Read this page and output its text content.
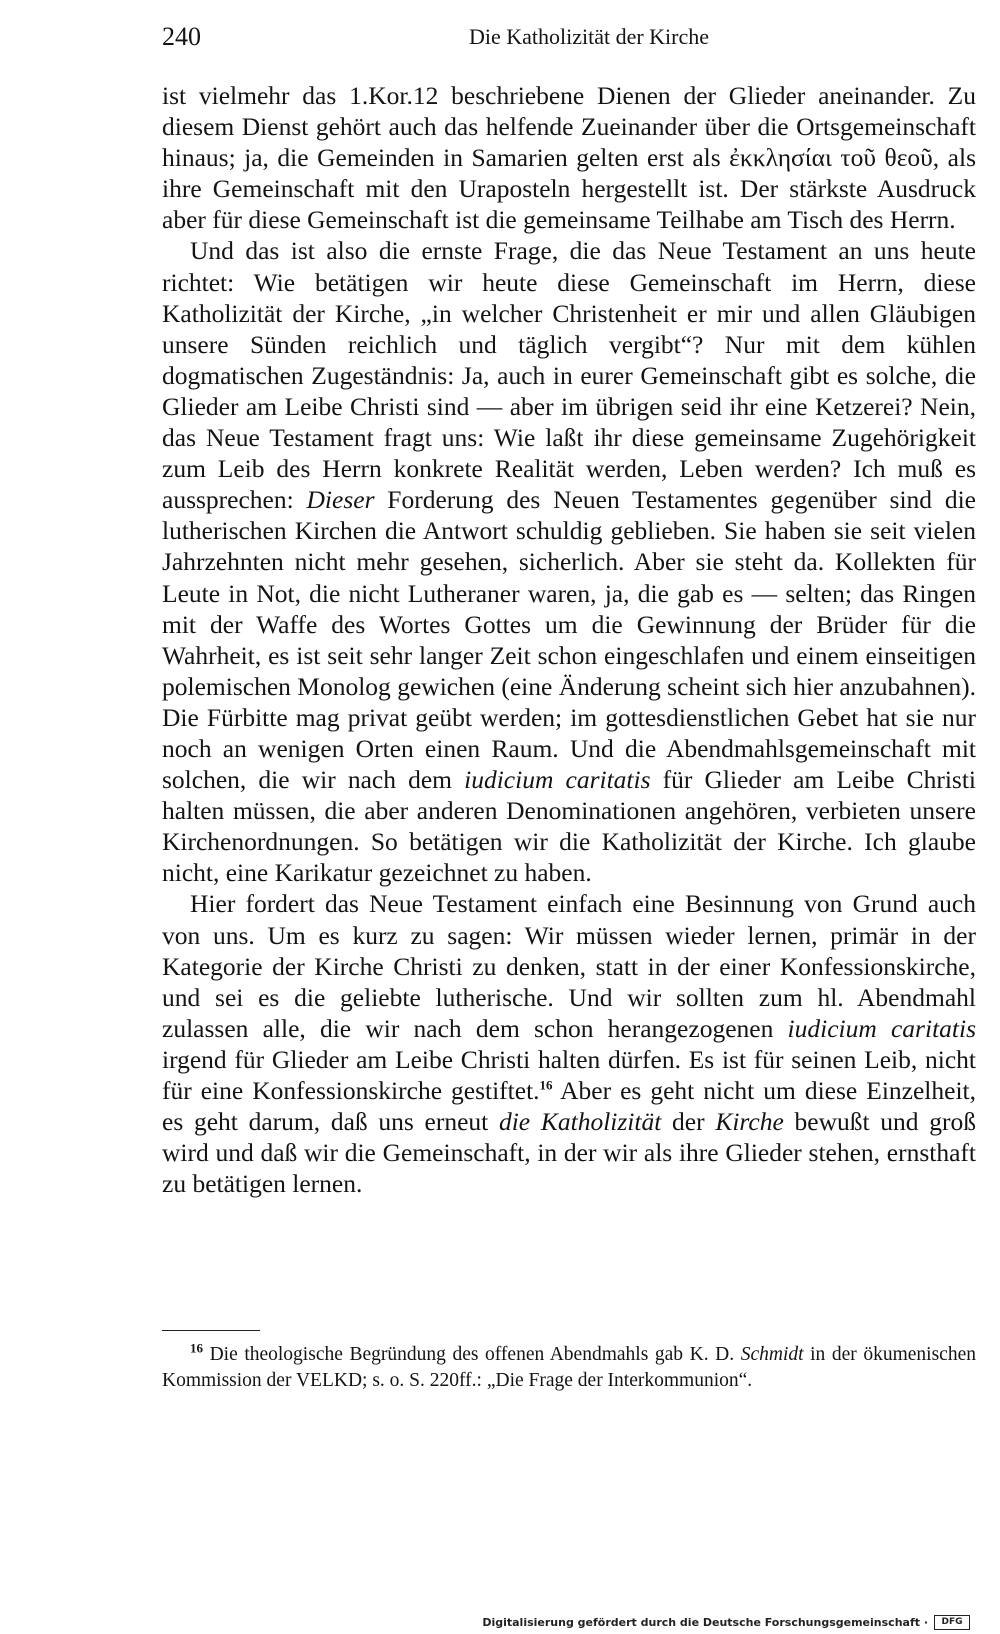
240	Die Katholizität der Kirche

ist vielmehr das 1.Kor.12 beschriebene Dienen der Glieder aneinander. Zu diesem Dienst gehört auch das helfende Zueinander über die Ortsgemeinschaft hinaus; ja, die Gemeinden in Samarien gelten erst als ἐκκλησίαι τοῦ θεοῦ, als ihre Gemeinschaft mit den Uraposteln hergestellt ist. Der stärkste Ausdruck aber für diese Gemeinschaft ist die gemeinsame Teilhabe am Tisch des Herrn.

Und das ist also die ernste Frage, die das Neue Testament an uns heute richtet: Wie betätigen wir heute diese Gemeinschaft im Herrn, diese Katholizität der Kirche, „in welcher Christenheit er mir und allen Gläubigen unsere Sünden reichlich und täglich vergibt“? Nur mit dem kühlen dogmatischen Zugeständnis: Ja, auch in eurer Gemeinschaft gibt es solche, die Glieder am Leibe Christi sind — aber im übrigen seid ihr eine Ketzerei? Nein, das Neue Testament fragt uns: Wie laßt ihr diese gemeinsame Zugehörigkeit zum Leib des Herrn konkrete Realität werden, Leben werden? Ich muß es aussprechen: Dieser Forderung des Neuen Testamentes gegenüber sind die lutherischen Kirchen die Antwort schuldig geblieben. Sie haben sie seit vielen Jahrzehnten nicht mehr gesehen, sicherlich. Aber sie steht da. Kollekten für Leute in Not, die nicht Lutheraner waren, ja, die gab es — selten; das Ringen mit der Waffe des Wortes Gottes um die Gewinnung der Brüder für die Wahrheit, es ist seit sehr langer Zeit schon eingeschlafen und einem einseitigen polemischen Monolog gewichen (eine Änderung scheint sich hier anzubahnen). Die Fürbitte mag privat geübt werden; im gottesdienstlichen Gebet hat sie nur noch an wenigen Orten einen Raum. Und die Abendmahlsgemeinschaft mit solchen, die wir nach dem iudicium caritatis für Glieder am Leibe Christi halten müssen, die aber anderen Denominationen angehören, verbieten unsere Kirchenordnungen. So betätigen wir die Katholizität der Kirche. Ich glaube nicht, eine Karikatur gezeichnet zu haben.

Hier fordert das Neue Testament einfach eine Besinnung von Grund auch von uns. Um es kurz zu sagen: Wir müssen wieder lernen, primär in der Kategorie der Kirche Christi zu denken, statt in der einer Konfessionskirche, und sei es die geliebte lutherische. Und wir sollten zum hl. Abendmahl zulassen alle, die wir nach dem schon herangezogenen iudicium caritatis irgend für Glieder am Leibe Christi halten dürfen. Es ist für seinen Leib, nicht für eine Konfessionskirche gestiftet.$^{16}$ Aber es geht nicht um diese Einzelheit, es geht darum, daß uns erneut die Katholizität der Kirche bewußt und groß wird und daß wir die Gemeinschaft, in der wir als ihre Glieder stehen, ernsthaft zu betätigen lernen.

$^{16}$ Die theologische Begründung des offenen Abendmahls gab K. D. Schmidt in der ökumenischen Kommission der VELKD; s. o. S. 220ff.: „Die Frage der Interkommunion“.

Digitalisierung gefördert durch die Deutsche Forschungsgemeinschaft ·	DFG
